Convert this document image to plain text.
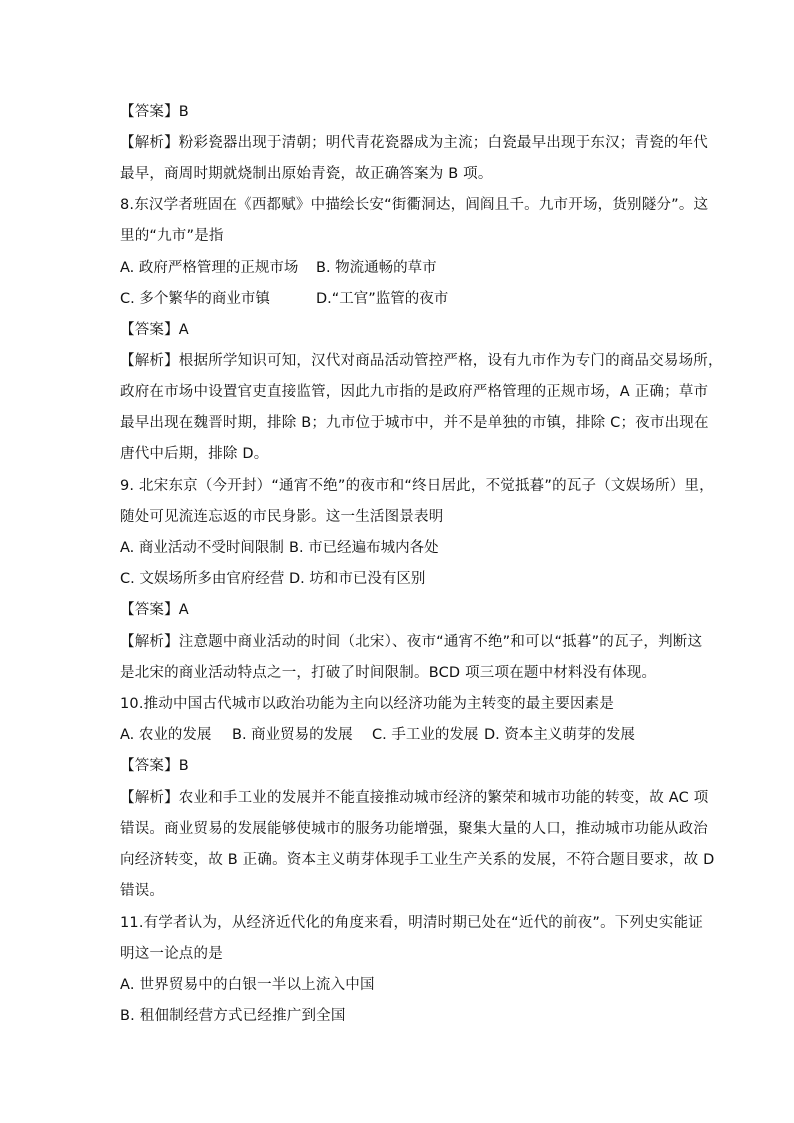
【答案】B
【解析】粉彩瓷器出现于清朝；明代青花瓷器成为主流；白瓷最早出现于东汉；青瓷的年代
最早，商周时期就烧制出原始青瓷，故正确答案为 B 项。
8.东汉学者班固在《西都赋》中描绘长安“街衢洞达，闾阎且千。九市开场，货别隧分”。这
里的“九市”是指
A. 政府严格管理的正规市场 B. 物流通畅的草市
C. 多个繁华的商业市镇	D.“工官”监管的夜市
【答案】A
【解析】根据所学知识可知，汉代对商品活动管控严格，设有九市作为专门的商品交易场所，
政府在市场中设置官吏直接监管，因此九市指的是政府严格管理的正规市场，A 正确；草市
最早出现在魏晋时期，排除 B；九市位于城市中，并不是单独的市镇，排除 C；夜市出现在
唐代中后期，排除 D。
9. 北宋东京（今开封）“通宵不绝”的夜市和“终日居此，不觉抵暮”的瓦子（文娱场所）里，
随处可见流连忘返的市民身影。这一生活图景表明
A. 商业活动不受时间限制 B. 市已经遍布城内各处
C. 文娱场所多由官府经营 D. 坊和市已没有区别
【答案】A
【解析】注意题中商业活动的时间（北宋）、夜市“通宵不绝”和可以“抵暮”的瓦子，判断这
是北宋的商业活动特点之一，打破了时间限制。BCD 项三项在题中材料没有体现。
10.推动中国古代城市以政治功能为主向以经济功能为主转变的最主要因素是
A. 农业的发展 B. 商业贸易的发展 C. 手工业的发展 D. 资本主义萌芽的发展
【答案】B
【解析】农业和手工业的发展并不能直接推动城市经济的繁荣和城市功能的转变，故 AC 项
错误。商业贸易的发展能够使城市的服务功能增强，聚集大量的人口，推动城市功能从政治
向经济转变，故 B 正确。资本主义萌芽体现手工业生产关系的发展，不符合题目要求，故 D
错误。
11.有学者认为，从经济近代化的角度来看，明清时期已处在“近代的前夜”。下列史实能证
明这一论点的是
A. 世界贸易中的白银一半以上流入中国
B. 租佃制经营方式已经推广到全国
